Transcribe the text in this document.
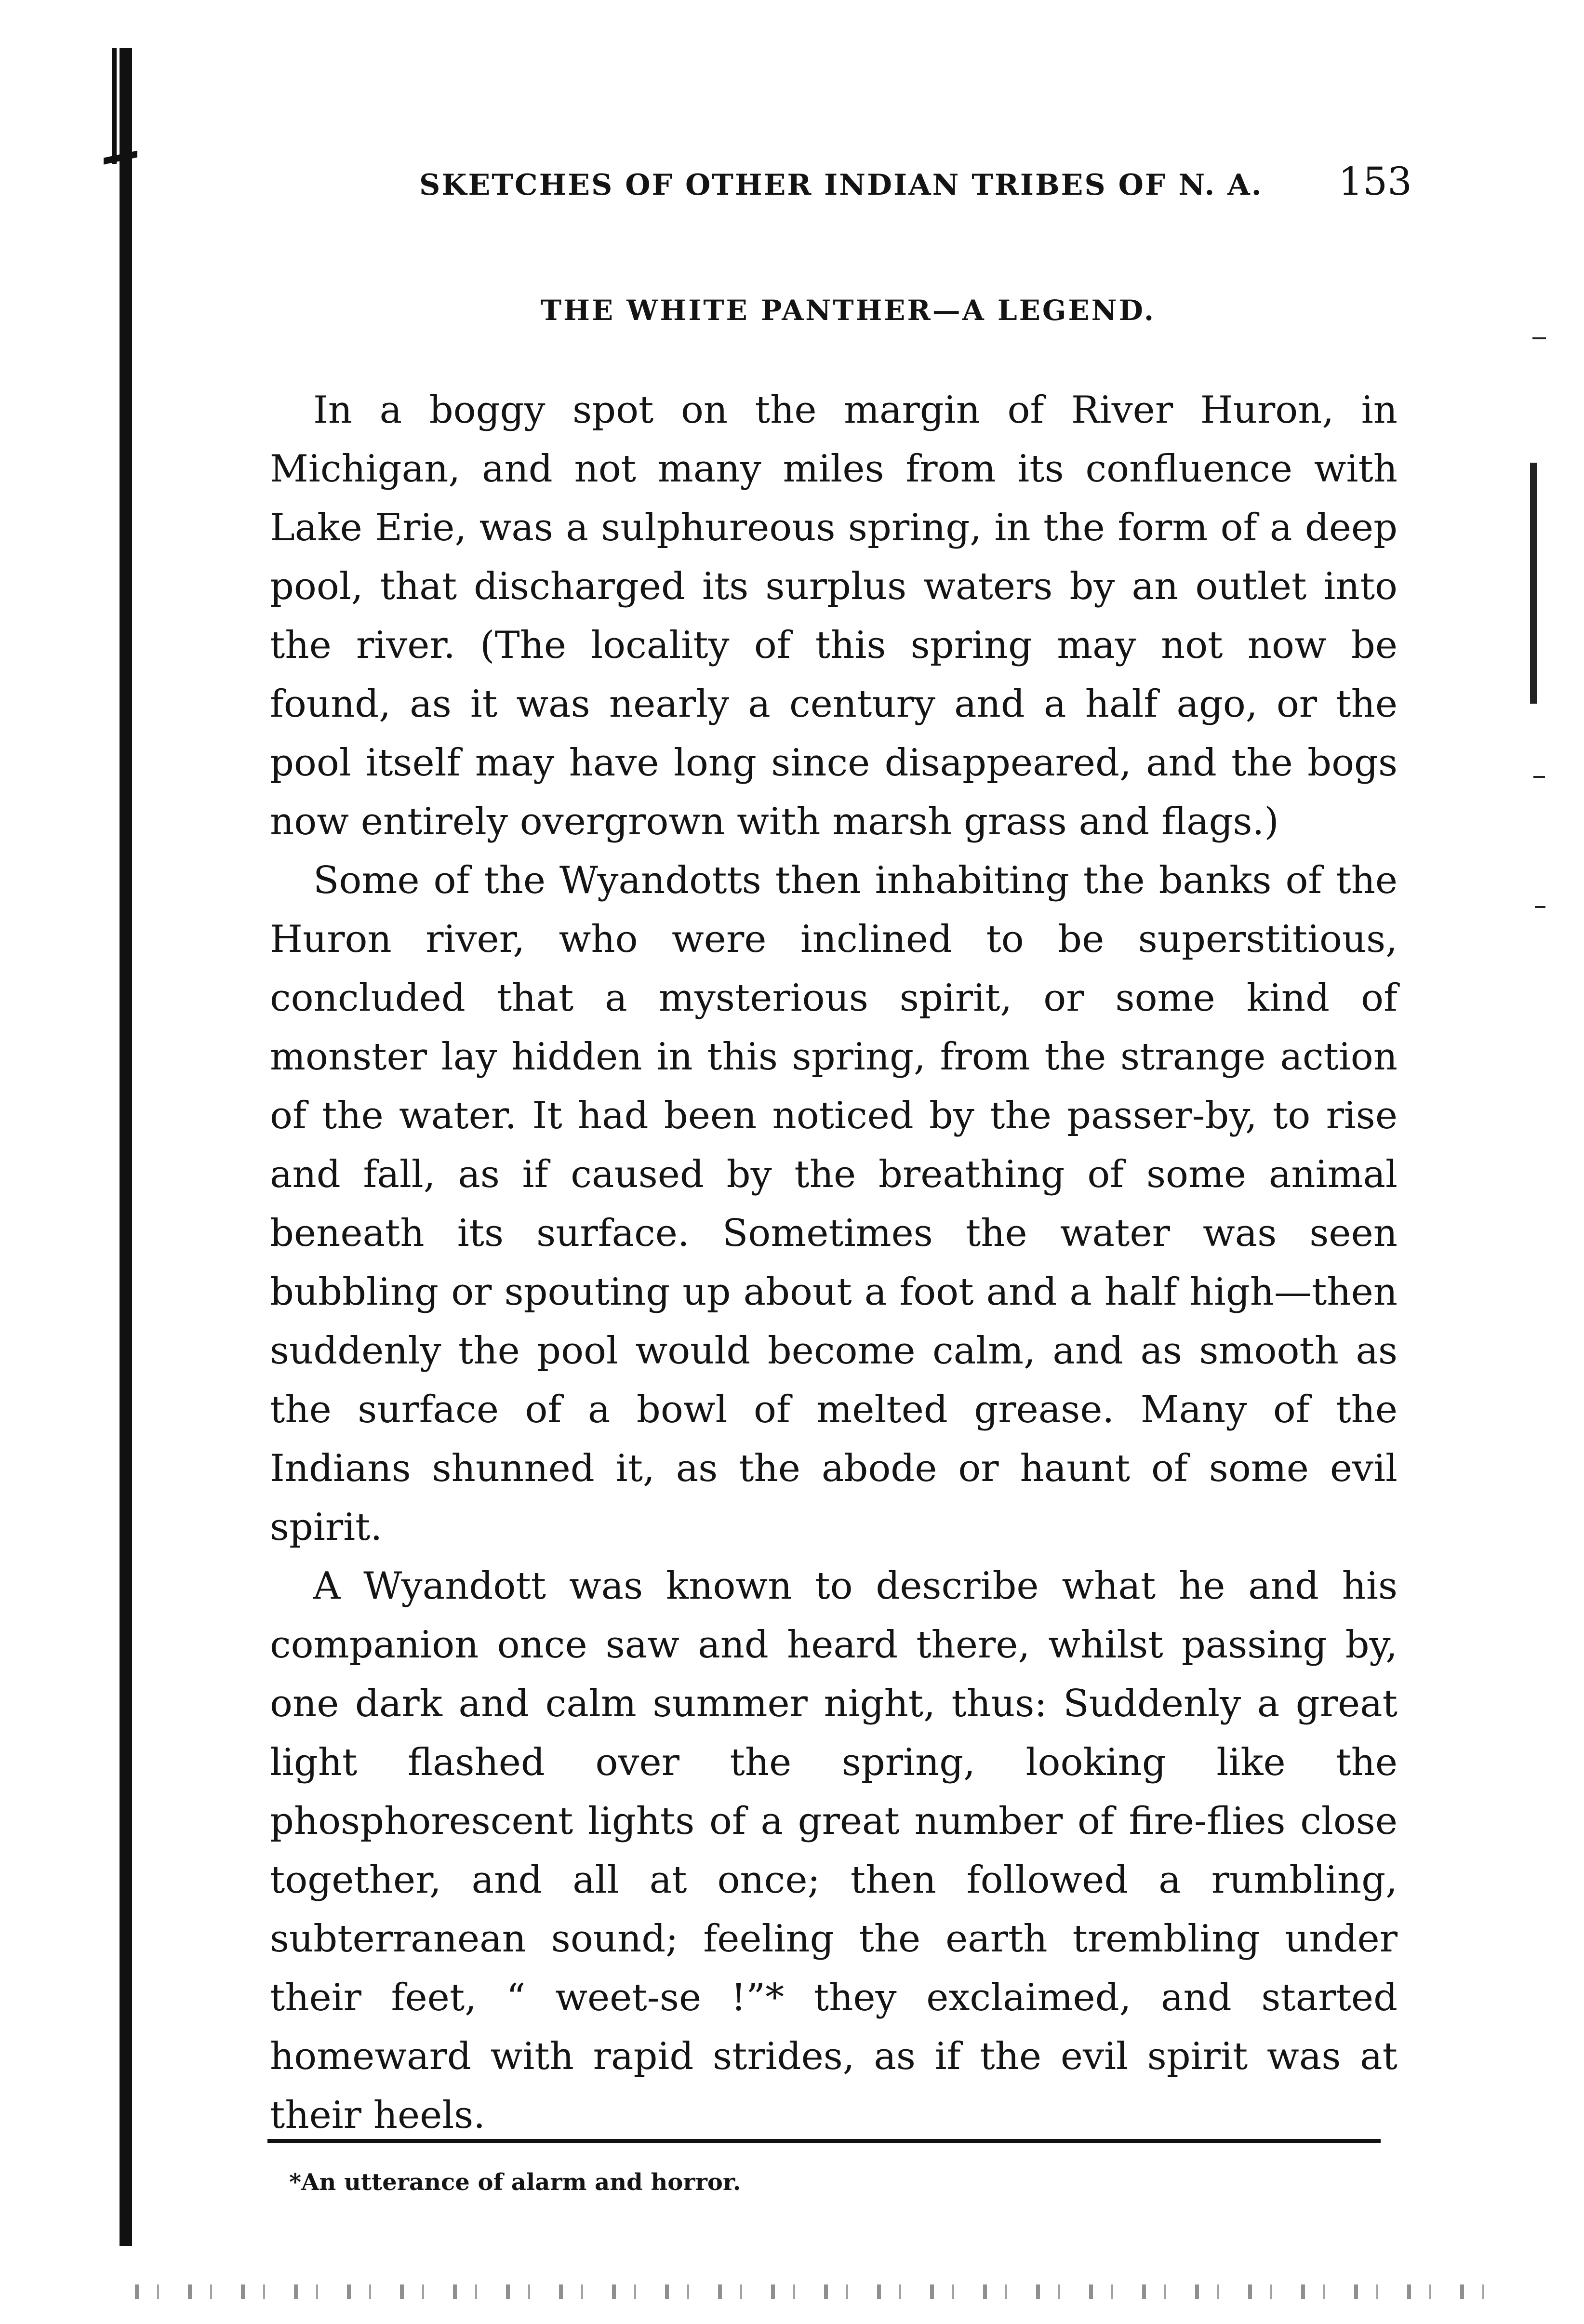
SKETCHES OF OTHER INDIAN TRIBES OF N. A. 153
THE WHITE PANTHER—A LEGEND.

In a boggy spot on the margin of River Huron, in Michigan, and not many miles from its confluence with Lake Erie, was a sulphureous spring, in the form of a deep pool, that discharged its surplus waters by an outlet into the river. (The locality of this spring may not now be found, as it was nearly a century and a half ago, or the pool itself may have long since disappeared, and the bogs now entirely overgrown with marsh grass and flags.)

Some of the Wyandotts then inhabiting the banks of the Huron river, who were inclined to be superstitious, concluded that a mysterious spirit, or some kind of monster lay hidden in this spring, from the strange action of the water. It had been noticed by the passer-by, to rise and fall, as if caused by the breathing of some animal beneath its surface. Sometimes the water was seen bubbling or spouting up about a foot and a half high—then suddenly the pool would become calm, and as smooth as the surface of a bowl of melted grease. Many of the Indians shunned it, as the abode or haunt of some evil spirit.

A Wyandott was known to describe what he and his companion once saw and heard there, whilst passing by, one dark and calm summer night, thus: Suddenly a great light flashed over the spring, looking like the phosphorescent lights of a great number of fire-flies close together, and all at once; then followed a rumbling, subterranean sound; feeling the earth trembling under their feet, “ weet-se !”* they exclaimed, and started homeward with rapid strides, as if the evil spirit was at their heels.

*An utterance of alarm and horror.
